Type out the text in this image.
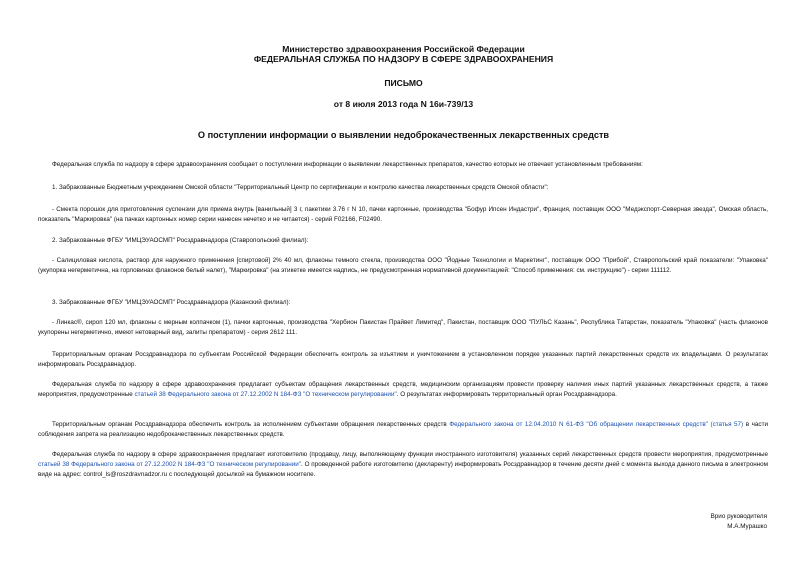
Министерство здравоохранения Российской Федерации
ФЕДЕРАЛЬНАЯ СЛУЖБА ПО НАДЗОРУ В СФЕРЕ ЗДРАВООХРАНЕНИЯ
ПИСЬМО
от 8 июля 2013 года N 16и-739/13
О поступлении информации о выявлении недоброкачественных лекарственных средств
Федеральная служба по надзору в сфере здравоохранения сообщает о поступлении информации о выявлении лекарственных препаратов, качество которых не отвечает установленным требованиям:
1. Забракованные Бюджетным учреждением Омской области "Территориальный Центр по сертификации и контролю качества лекарственных средств Омской области":
- Смекта порошок для приготовления суспензии для приема внутрь [ванильный] 3 г, пакетики 3.76 г N 10, пачки картонные, производства "Бофур Ипсен Индастри", Франция, поставщик ООО "Медэкспорт-Северная звезда", Омская область, показатель "Маркировка" (на пачках картонных номер серии нанесен нечетко и не читается) - серий F02166, F02490.
2. Забракованные ФГБУ "ИМЦЭУАОСМП" Росздравнадзора (Ставропольский филиал):
- Салициловая кислота, раствор для наружного применения [спиртовой] 2% 40 мл, флаконы темного стекла, производства ООО "Йодные Технологии и Маркетинг", поставщик ООО "Прибой", Ставропольский край показатели: "Упаковка" (укупорка негерметична, на горловинах флаконов белый налет), "Маркировка" (на этикетке имеется надпись, не предусмотренная нормативной документацией: "Способ применения: см. инструкцию") - серии 111112.
3. Забракованные ФГБУ "ИМЦЭУАОСМП" Росздравнадзора (Казанский филиал):
- Линкас®, сироп 120 мл, флаконы с мерным колпачком (1), пачки картонные, производства "Хербион Пакистан Прайвет Лимитед", Пакистан, поставщик ООО "ПУЛЬС Казань", Республика Татарстан, показатель "Упаковка" (часть флаконов укупорены негерметично, имеют нетоварный вид, залиты препаратом) - серия 2612 111.
Территориальным органам Росздравнадзора по субъектам Российской Федерации обеспечить контроль за изъятием и уничтожением в установленном порядке указанных партий лекарственных средств их владельцами. О результатах информировать Росздравнадзор.
Федеральная служба по надзору в сфере здравоохранения предлагает субъектам обращения лекарственных средств, медицинским организациям провести проверку наличия иных партий указанных лекарственных средств, а также мероприятия, предусмотренные статьей 38 Федерального закона от 27.12.2002 N 184-ФЗ "О техническом регулировании". О результатах информировать территориальный орган Росздравнадзора.
Территориальным органам Росздравнадзора обеспечить контроль за исполнением субъектами обращения лекарственных средств Федерального закона от 12.04.2010 N 61-ФЗ "Об обращении лекарственных средств" (статья 57) в части соблюдения запрета на реализацию недоброкачественных лекарственных средств.
Федеральная служба по надзору в сфере здравоохранения предлагает изготовителю (продавцу, лицу, выполняющему функции иностранного изготовителя) указанных серий лекарственных средств провести мероприятия, предусмотренные статьей 38 Федерального закона от 27.12.2002 N 184-ФЗ "О техническом регулировании". О проведенной работе изготовителю (декларенту) информировать Росздравнадзор в течение десяти дней с момента выхода данного письма в электронном виде на адрес: control_ls@roszdravnadzor.ru с последующей досылкой на бумажном носителе.
Врио руководителя
М.А.Мурашко
